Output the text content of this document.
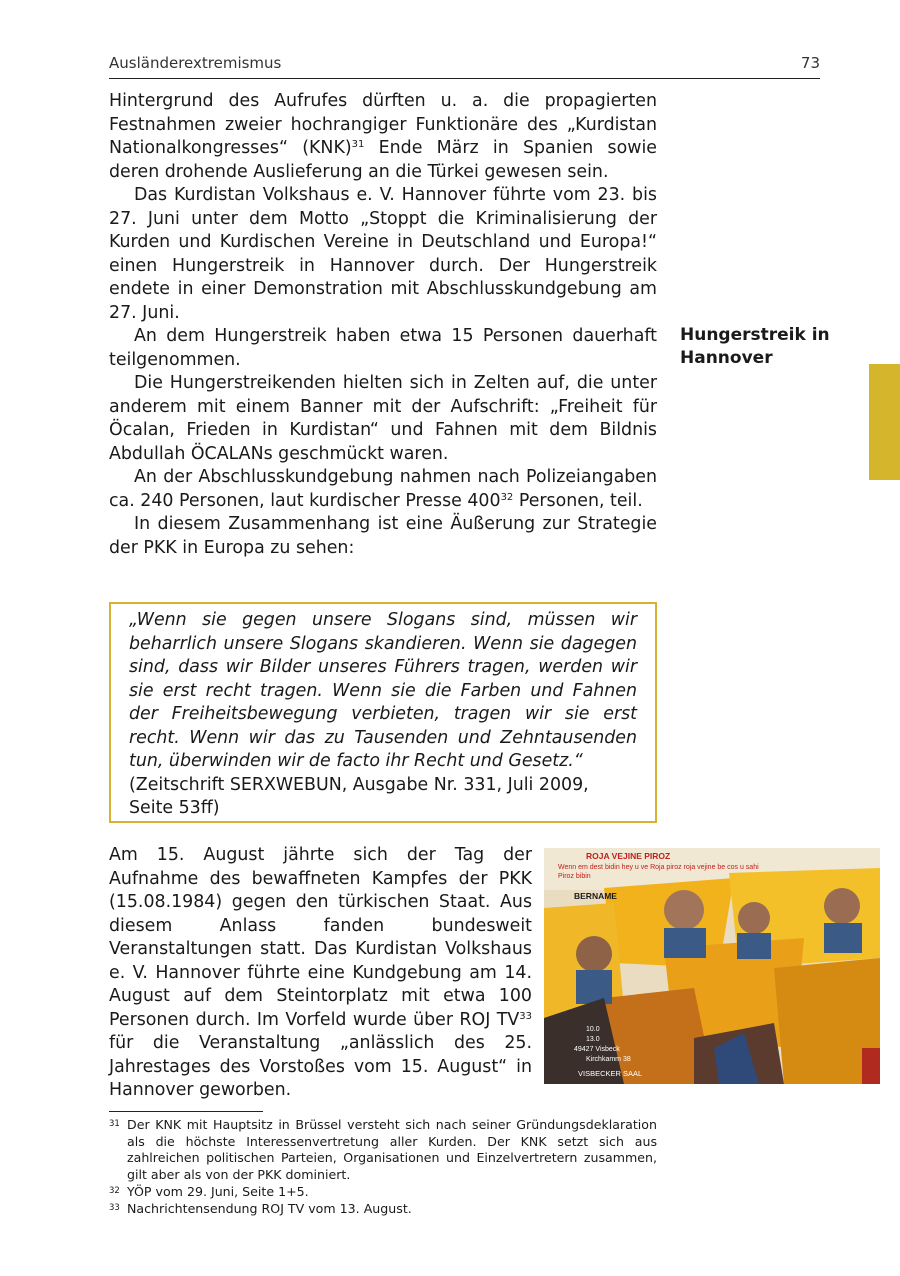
Ausländerextremismus	73

Hintergrund des Aufrufes dürften u. a. die propagierten Festnahmen zweier hochrangiger Funktionäre des „Kurdistan Nationalkongresses“ (KNK)$^{31}$ Ende März in Spanien sowie deren drohende Auslieferung an die Türkei gewesen sein.

Das Kurdistan Volkshaus e. V. Hannover führte vom 23. bis 27. Juni unter dem Motto „Stoppt die Kriminalisierung der Kurden und Kurdischen Vereine in Deutschland und Europa!“ einen Hungerstreik in Hannover durch. Der Hungerstreik endete in einer Demonstration mit Abschlusskundgebung am 27. Juni.

An dem Hungerstreik haben etwa 15 Personen dauerhaft teilgenommen.

Die Hungerstreikenden hielten sich in Zelten auf, die unter anderem mit einem Banner mit der Aufschrift: „Freiheit für Öcalan, Frieden in Kurdistan“ und Fahnen mit dem Bildnis Abdullah ÖCALANs geschmückt waren.

An der Abschlusskundgebung nahmen nach Polizeiangaben ca. 240 Personen, laut kurdischer Presse $400^{32}$ Personen, teil.

In diesem Zusammenhang ist eine Äußerung zur Strategie der PKK in Europa zu sehen:

Hungerstreik in
Hannover

„Wenn sie gegen unsere Slogans sind, müssen wir beharrlich unsere Slogans skandieren. Wenn sie dagegen sind, dass wir Bilder unseres Führers tragen, werden wir sie erst recht tragen. Wenn sie die Farben und Fahnen der Freiheitsbewegung verbieten, tragen wir sie erst recht. Wenn wir das zu Tausenden und Zehntausenden tun, überwinden wir de facto ihr Recht und Gesetz.“

(Zeitschrift SERXWEBUN, Ausgabe Nr. 331, Juli 2009, Seite 53ff)

Am 15. August jährte sich der Tag der Aufnahme des bewaffneten Kampfes der PKK (15.08.1984) gegen den türkischen Staat. Aus diesem Anlass fanden bundesweit Veranstaltungen statt. Das Kurdistan Volkshaus e. V. Hannover führte eine Kundgebung am 14. August auf dem Steintorplatz mit etwa 100 Personen durch. Im Vorfeld wurde über ROJ TV$^{33}$ für die Veranstaltung „anlässlich des 25. Jahrestages des Vorstoßes vom 15. August“ in Hannover geworben.

ROJA VEJINE PIROZ
Wenn em dest bidin hey u ve Roja piroz roja vejine be cos u sahi
Piroz bibin
BERNAME
10.0
13.0
49427 Visbeck
Kirchkamm 38
VISBECKER SAAL
31 Der KNK mit Hauptsitz in Brüssel versteht sich nach seiner Gründungsdeklaration als die höchste Interessenvertretung aller Kurden. Der KNK setzt sich aus zahlreichen politischen Parteien, Organisationen und Einzelvertretern zusammen, gilt aber als von der PKK dominiert.
32 YÖP vom 29. Juni, Seite 1+5.
33 Nachrichtensendung ROJ TV vom 13. August.
